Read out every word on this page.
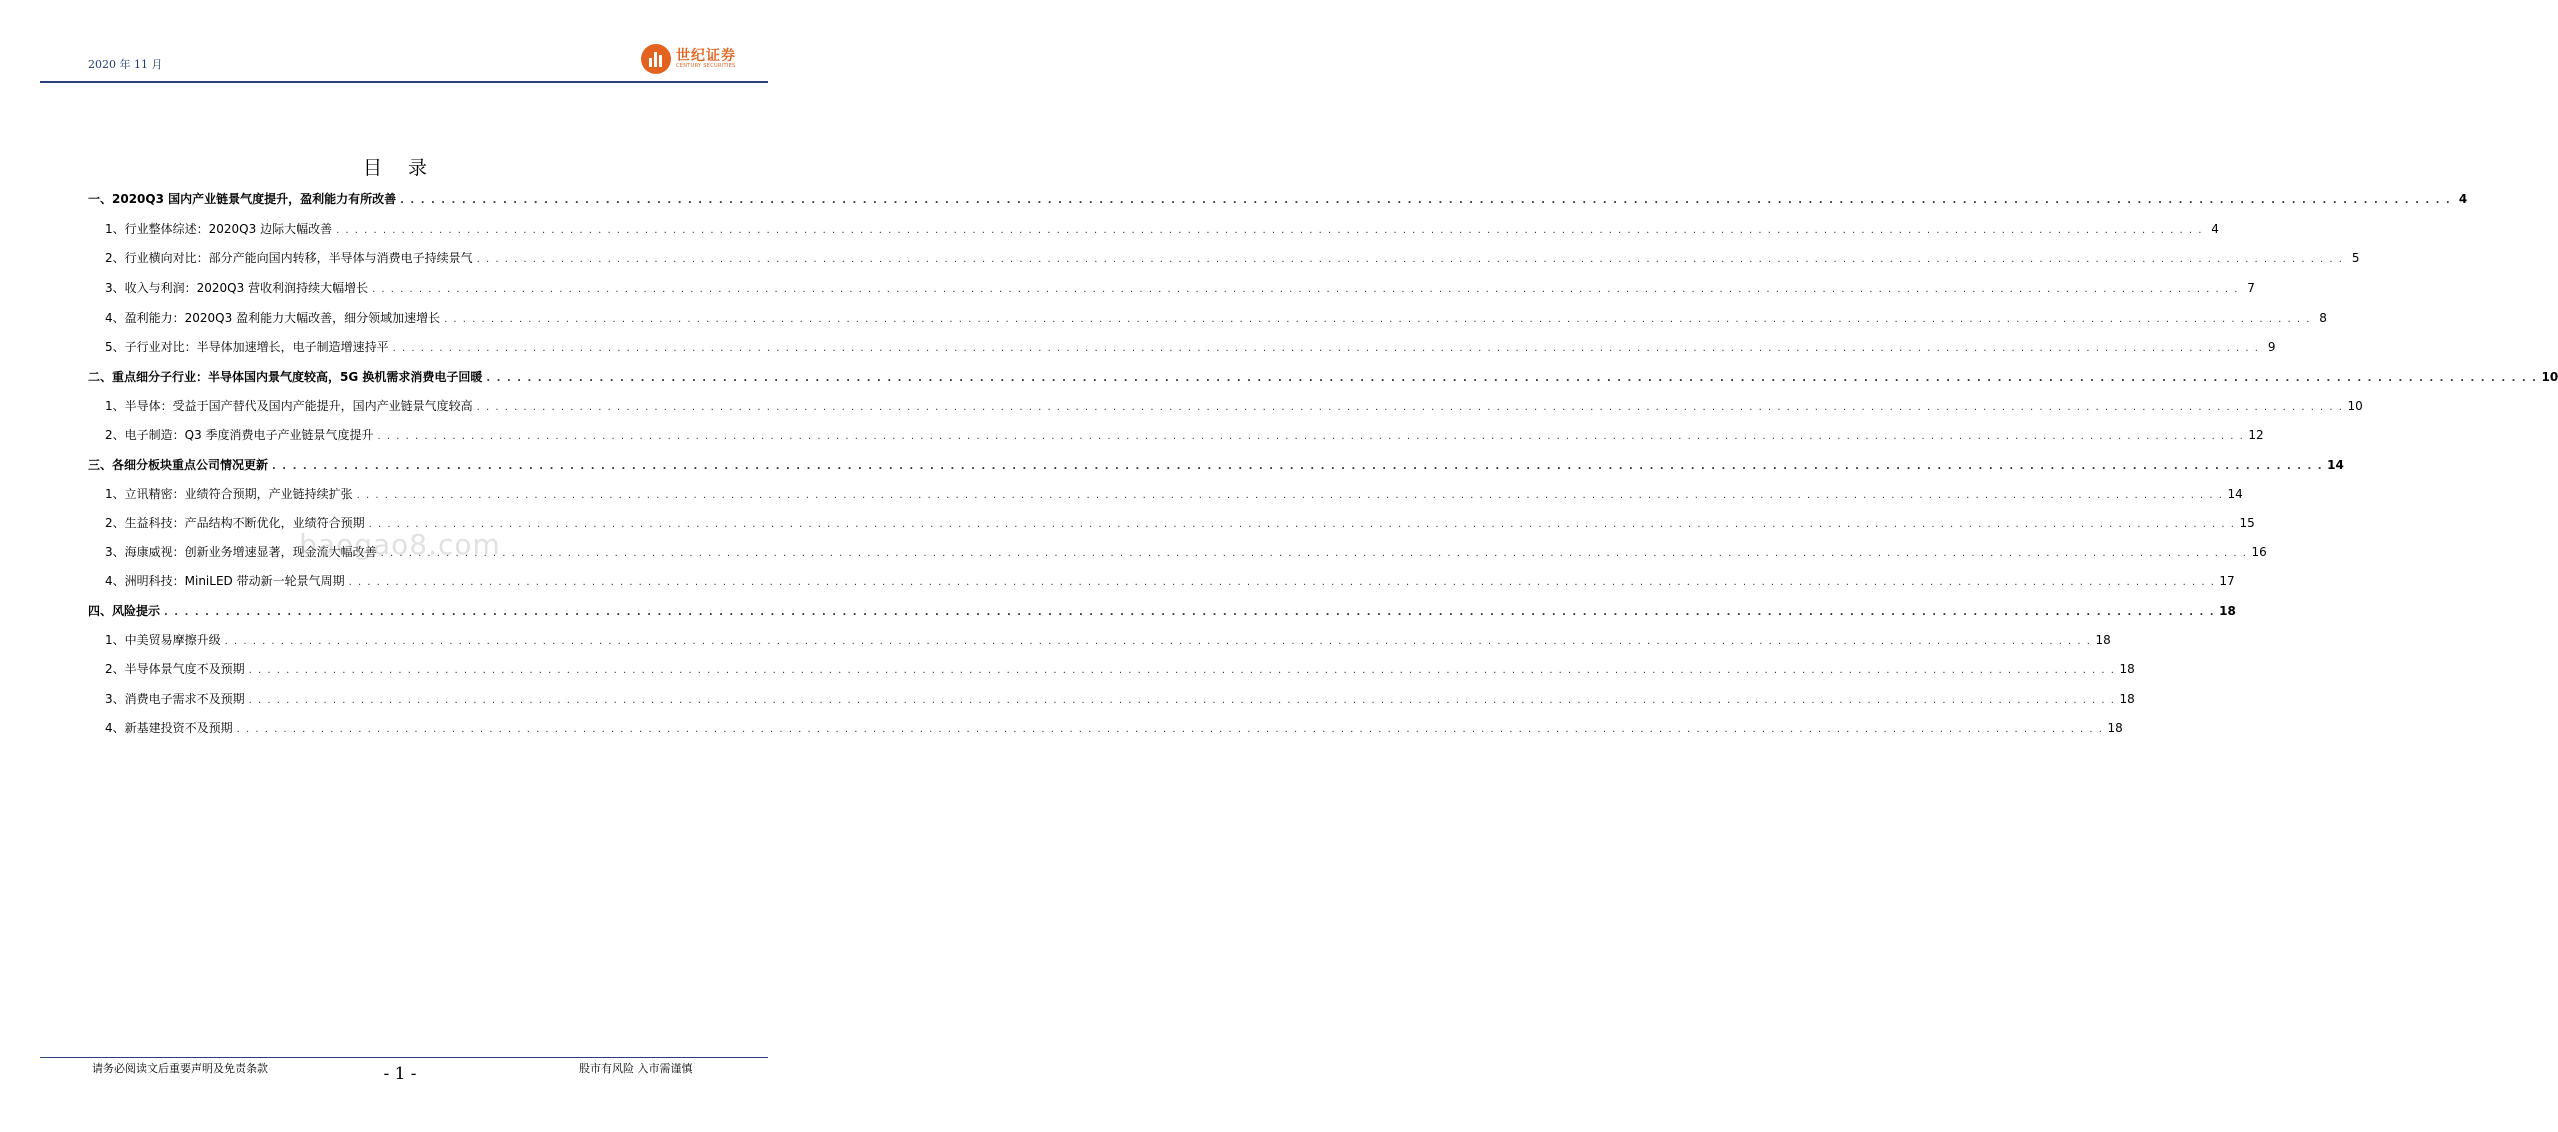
2020 年 11 月
世纪证券
CENTURY SECURITIES
目 录
一、2020Q3 国内产业链景气度提升，盈利能力有所改善 . . . . . . . . . . . . . . . . . . . . . . . . . . . . . . . . . . . . . . . . . . . . . . . . . . . . . . . . . . . . . . . . . . . . . . . . . . . . . . . . . . . . . . . . . . . . . . . . . . . . . . . . . . . . . . . . . . . . . . . . . . . . . . . . . . . . . . . . . . . . . . . . . . . . . . . . . . . . . . . . . . . . . . . . . . . . . . . . . . . . . . . . . . . . . . . . . . . . . . . . 4
1、行业整体综述：2020Q3 边际大幅改善 . . . . . . . . . . . . . . . . . . . . . . . . . . . . . . . . . . . . . . . . . . . . . . . . . . . . . . . . . . . . . . . . . . . . . . . . . . . . . . . . . . . . . . . . . . . . . . . . . . . . . . . . . . . . . . . . . . . . . . . . . . . . . . . . . . . . . . . . . . . . . . . . . . . . . . . . . . . . . . . . . . . . . . . . . . . . . . . . . . . . . . . . . . . . . . . . . . . . . . . . 4
2、行业横向对比：部分产能向国内转移，半导体与消费电子持续景气 . . . . . . . . . . . . . . . . . . . . . . . . . . . . . . . . . . . . . . . . . . . . . . . . . . . . . . . . . . . . . . . . . . . . . . . . . . . . . . . . . . . . . . . . . . . . . . . . . . . . . . . . . . . . . . . . . . . . . . . . . . . . . . . . . . . . . . . . . . . . . . . . . . . . . . . . . . . . . . . . . . . . . . . . . . . . . . . . . . . . . . . . . . . . . . . . . . . . . . . . 5
3、收入与利润：2020Q3 营收利润持续大幅增长 . . . . . . . . . . . . . . . . . . . . . . . . . . . . . . . . . . . . . . . . . . . . . . . . . . . . . . . . . . . . . . . . . . . . . . . . . . . . . . . . . . . . . . . . . . . . . . . . . . . . . . . . . . . . . . . . . . . . . . . . . . . . . . . . . . . . . . . . . . . . . . . . . . . . . . . . . . . . . . . . . . . . . . . . . . . . . . . . . . . . . . . . . . . . . . . . . . . . . . . . 7
4、盈利能力：2020Q3 盈利能力大幅改善，细分领域加速增长 . . . . . . . . . . . . . . . . . . . . . . . . . . . . . . . . . . . . . . . . . . . . . . . . . . . . . . . . . . . . . . . . . . . . . . . . . . . . . . . . . . . . . . . . . . . . . . . . . . . . . . . . . . . . . . . . . . . . . . . . . . . . . . . . . . . . . . . . . . . . . . . . . . . . . . . . . . . . . . . . . . . . . . . . . . . . . . . . . . . . . . . . . . . . . . . . . . . . . . . . 8
5、子行业对比：半导体加速增长，电子制造增速持平 . . . . . . . . . . . . . . . . . . . . . . . . . . . . . . . . . . . . . . . . . . . . . . . . . . . . . . . . . . . . . . . . . . . . . . . . . . . . . . . . . . . . . . . . . . . . . . . . . . . . . . . . . . . . . . . . . . . . . . . . . . . . . . . . . . . . . . . . . . . . . . . . . . . . . . . . . . . . . . . . . . . . . . . . . . . . . . . . . . . . . . . . . . . . . . . . . . . . . . . . 9
二、重点细分子行业：半导体国内景气度较高，5G 换机需求消费电子回暖 . . . . . . . . . . . . . . . . . . . . . . . . . . . . . . . . . . . . . . . . . . . . . . . . . . . . . . . . . . . . . . . . . . . . . . . . . . . . . . . . . . . . . . . . . . . . . . . . . . . . . . . . . . . . . . . . . . . . . . . . . . . . . . . . . . . . . . . . . . . . . . . . . . . . . . . . . . . . . . . . . . . . . . . . . . . . . . . . . . . . . . . . . . . . . . . . . . . . . . . . 10
1、半导体：受益于国产替代及国内产能提升，国内产业链景气度较高 . . . . . . . . . . . . . . . . . . . . . . . . . . . . . . . . . . . . . . . . . . . . . . . . . . . . . . . . . . . . . . . . . . . . . . . . . . . . . . . . . . . . . . . . . . . . . . . . . . . . . . . . . . . . . . . . . . . . . . . . . . . . . . . . . . . . . . . . . . . . . . . . . . . . . . . . . . . . . . . . . . . . . . . . . . . . . . . . . . . . . . . . . . . . . . . . . . . . . . . . 10
2、电子制造：Q3 季度消费电子产业链景气度提升 . . . . . . . . . . . . . . . . . . . . . . . . . . . . . . . . . . . . . . . . . . . . . . . . . . . . . . . . . . . . . . . . . . . . . . . . . . . . . . . . . . . . . . . . . . . . . . . . . . . . . . . . . . . . . . . . . . . . . . . . . . . . . . . . . . . . . . . . . . . . . . . . . . . . . . . . . . . . . . . . . . . . . . . . . . . . . . . . . . . . . . . . . . . . . . . . . . . . . . . . 12
三、各细分板块重点公司情况更新 . . . . . . . . . . . . . . . . . . . . . . . . . . . . . . . . . . . . . . . . . . . . . . . . . . . . . . . . . . . . . . . . . . . . . . . . . . . . . . . . . . . . . . . . . . . . . . . . . . . . . . . . . . . . . . . . . . . . . . . . . . . . . . . . . . . . . . . . . . . . . . . . . . . . . . . . . . . . . . . . . . . . . . . . . . . . . . . . . . . . . . . . . . . . . . . . . . . . . . . . 14
1、立讯精密：业绩符合预期，产业链持续扩张 . . . . . . . . . . . . . . . . . . . . . . . . . . . . . . . . . . . . . . . . . . . . . . . . . . . . . . . . . . . . . . . . . . . . . . . . . . . . . . . . . . . . . . . . . . . . . . . . . . . . . . . . . . . . . . . . . . . . . . . . . . . . . . . . . . . . . . . . . . . . . . . . . . . . . . . . . . . . . . . . . . . . . . . . . . . . . . . . . . . . . . . . . . . . . . . . . . . . . . . . 14
2、生益科技：产品结构不断优化，业绩符合预期 . . . . . . . . . . . . . . . . . . . . . . . . . . . . . . . . . . . . . . . . . . . . . . . . . . . . . . . . . . . . . . . . . . . . . . . . . . . . . . . . . . . . . . . . . . . . . . . . . . . . . . . . . . . . . . . . . . . . . . . . . . . . . . . . . . . . . . . . . . . . . . . . . . . . . . . . . . . . . . . . . . . . . . . . . . . . . . . . . . . . . . . . . . . . . . . . . . . . . . . . 15
3、海康威视：创新业务增速显著，现金流大幅改善 . . . . . . . . . . . . . . . . . . . . . . . . . . . . . . . . . . . . . . . . . . . . . . . . . . . . . . . . . . . . . . . . . . . . . . . . . . . . . . . . . . . . . . . . . . . . . . . . . . . . . . . . . . . . . . . . . . . . . . . . . . . . . . . . . . . . . . . . . . . . . . . . . . . . . . . . . . . . . . . . . . . . . . . . . . . . . . . . . . . . . . . . . . . . . . . . . . . . . . . . 16
4、洲明科技：MiniLED 带动新一轮景气周期 . . . . . . . . . . . . . . . . . . . . . . . . . . . . . . . . . . . . . . . . . . . . . . . . . . . . . . . . . . . . . . . . . . . . . . . . . . . . . . . . . . . . . . . . . . . . . . . . . . . . . . . . . . . . . . . . . . . . . . . . . . . . . . . . . . . . . . . . . . . . . . . . . . . . . . . . . . . . . . . . . . . . . . . . . . . . . . . . . . . . . . . . . . . . . . . . . . . . . . . . 17
四、风险提示 . . . . . . . . . . . . . . . . . . . . . . . . . . . . . . . . . . . . . . . . . . . . . . . . . . . . . . . . . . . . . . . . . . . . . . . . . . . . . . . . . . . . . . . . . . . . . . . . . . . . . . . . . . . . . . . . . . . . . . . . . . . . . . . . . . . . . . . . . . . . . . . . . . . . . . . . . . . . . . . . . . . . . . . . . . . . . . . . . . . . . . . . . . . . . . . . . . . . . . . . 18
1、中美贸易摩擦升级 . . . . . . . . . . . . . . . . . . . . . . . . . . . . . . . . . . . . . . . . . . . . . . . . . . . . . . . . . . . . . . . . . . . . . . . . . . . . . . . . . . . . . . . . . . . . . . . . . . . . . . . . . . . . . . . . . . . . . . . . . . . . . . . . . . . . . . . . . . . . . . . . . . . . . . . . . . . . . . . . . . . . . . . . . . . . . . . . . . . . . . . . . . . . . . . . . . . . . . . . 18
2、半导体景气度不及预期 . . . . . . . . . . . . . . . . . . . . . . . . . . . . . . . . . . . . . . . . . . . . . . . . . . . . . . . . . . . . . . . . . . . . . . . . . . . . . . . . . . . . . . . . . . . . . . . . . . . . . . . . . . . . . . . . . . . . . . . . . . . . . . . . . . . . . . . . . . . . . . . . . . . . . . . . . . . . . . . . . . . . . . . . . . . . . . . . . . . . . . . . . . . . . . . . . . . . . . . . 18
3、消费电子需求不及预期 . . . . . . . . . . . . . . . . . . . . . . . . . . . . . . . . . . . . . . . . . . . . . . . . . . . . . . . . . . . . . . . . . . . . . . . . . . . . . . . . . . . . . . . . . . . . . . . . . . . . . . . . . . . . . . . . . . . . . . . . . . . . . . . . . . . . . . . . . . . . . . . . . . . . . . . . . . . . . . . . . . . . . . . . . . . . . . . . . . . . . . . . . . . . . . . . . . . . . . . . 18
4、新基建投资不及预期 . . . . . . . . . . . . . . . . . . . . . . . . . . . . . . . . . . . . . . . . . . . . . . . . . . . . . . . . . . . . . . . . . . . . . . . . . . . . . . . . . . . . . . . . . . . . . . . . . . . . . . . . . . . . . . . . . . . . . . . . . . . . . . . . . . . . . . . . . . . . . . . . . . . . . . . . . . . . . . . . . . . . . . . . . . . . . . . . . . . . . . . . . . . . . . . . . . . . . . . . 18
baogao8.com
请务必阅读文后重要声明及免责条款	- 1 -	股市有风险 入市需谨慎
